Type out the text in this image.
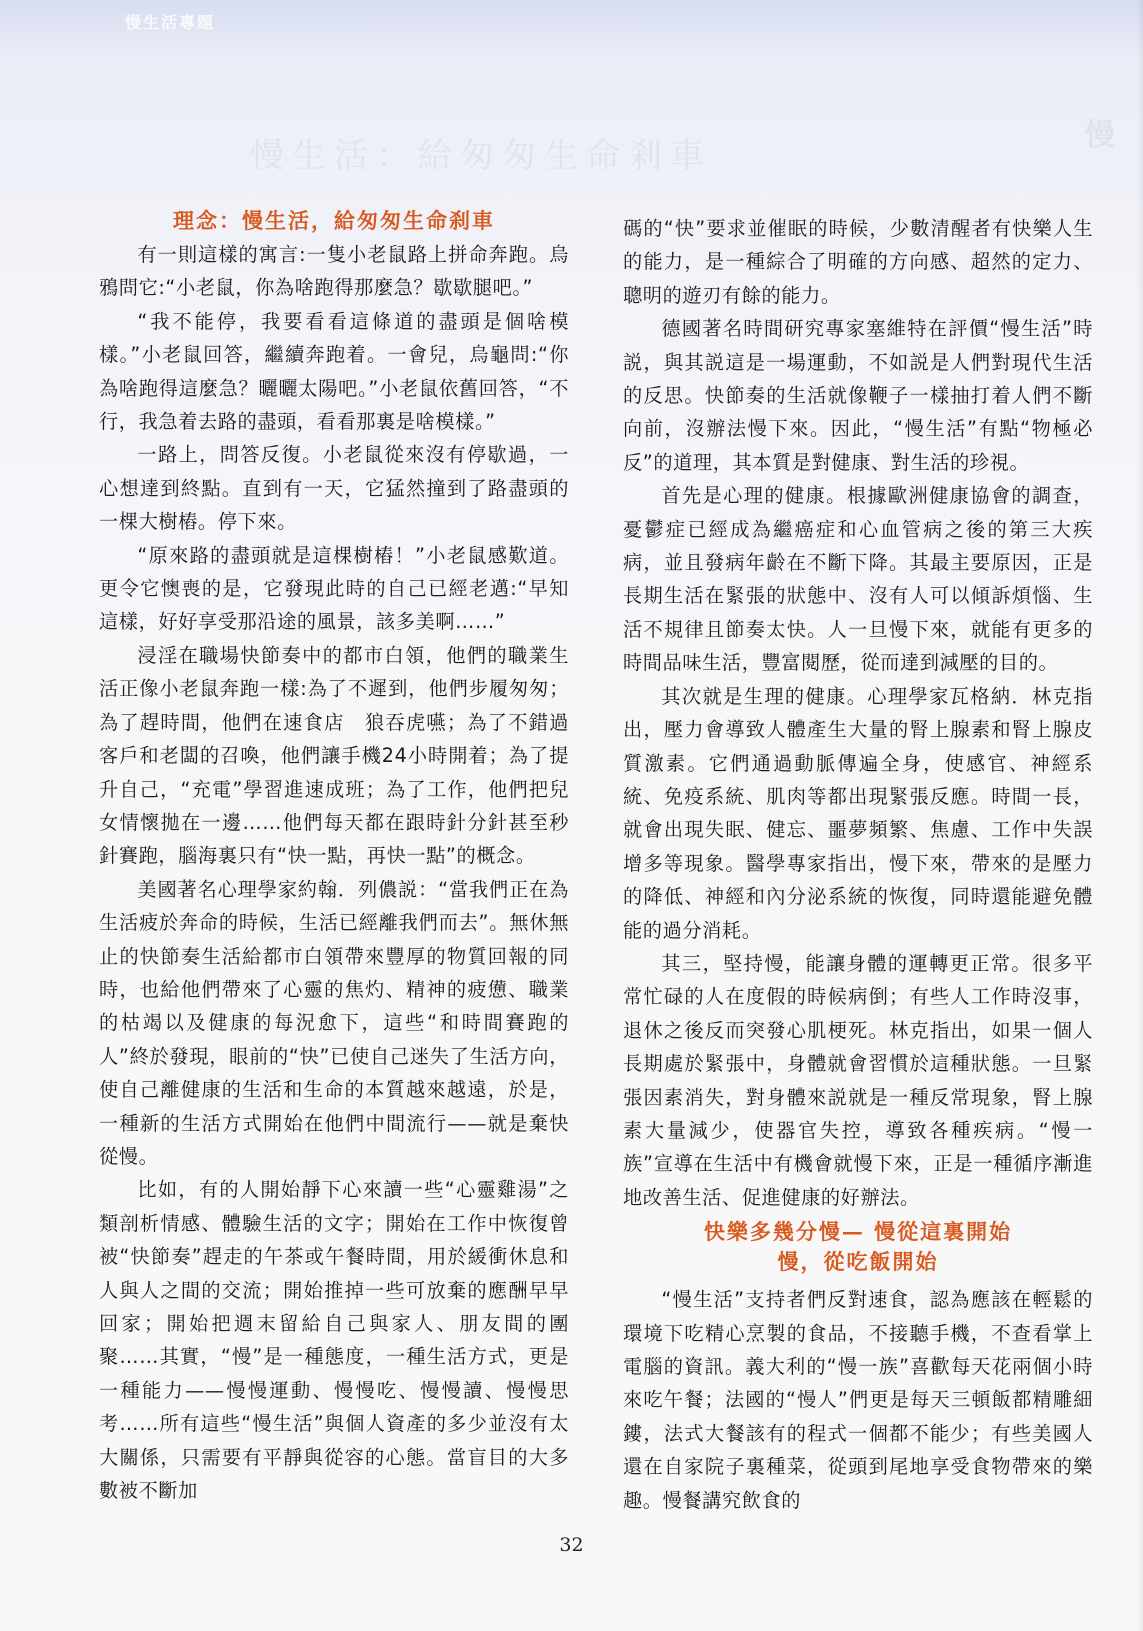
慢生活專題
慢生活：給匆匆生命剎車
慢
理念：慢生活，給匆匆生命刹車

有一則這樣的寓言:一隻小老鼠路上拼命奔跑。烏鴉問它:“小老鼠，你為啥跑得那麼急？歇歇腿吧。”

“我不能停，我要看看這條道的盡頭是個啥模樣。”小老鼠回答，繼續奔跑着。一會兒，烏龜問:“你為啥跑得這麼急？曬曬太陽吧。”小老鼠依舊回答，“不行，我急着去路的盡頭，看看那裏是啥模樣。”

一路上，問答反復。小老鼠從來沒有停歇過，一心想達到終點。直到有一天，它猛然撞到了路盡頭的一棵大樹樁。停下來。

“原來路的盡頭就是這棵樹樁！”小老鼠感歎道。更令它懊喪的是，它發現此時的自己已經老邁:“早知這樣，好好享受那沿途的風景，該多美啊……”

浸淫在職場快節奏中的都市白領，他們的職業生活正像小老鼠奔跑一樣:為了不遲到，他們步履匆匆；為了趕時間，他們在速食店　狼吞虎嚥；為了不錯過客戶和老闆的召喚，他們讓手機24小時開着；為了提升自己，“充電”學習進速成班；為了工作，他們把兒女情懷拋在一邊……他們每天都在跟時針分針甚至秒針賽跑，腦海裏只有“快一點，再快一點”的概念。

美國著名心理學家約翰．列儂説：“當我們正在為生活疲於奔命的時候，生活已經離我們而去”。無休無止的快節奏生活給都市白領帶來豐厚的物質回報的同時，也給他們帶來了心靈的焦灼、精神的疲憊、職業的枯竭以及健康的每況愈下，這些“和時間賽跑的人”終於發現，眼前的“快”已使自己迷失了生活方向，使自己離健康的生活和生命的本質越來越遠，於是，一種新的生活方式開始在他們中間流行——就是棄快從慢。

比如，有的人開始靜下心來讀一些“心靈雞湯”之類剖析情感、體驗生活的文字；開始在工作中恢復曾被“快節奏”趕走的午茶或午餐時間，用於緩衝休息和人與人之間的交流；開始推掉一些可放棄的應酬早早回家；開始把週末留給自己與家人、朋友間的團聚……其實，“慢”是一種態度，一種生活方式，更是一種能力——慢慢運動、慢慢吃、慢慢讀、慢慢思考……所有這些“慢生活”與個人資產的多少並沒有太大關係，只需要有平靜與從容的心態。當盲目的大多數被不斷加

碼的“快”要求並催眠的時候，少數清醒者有快樂人生的能力，是一種綜合了明確的方向感、超然的定力、聰明的遊刃有餘的能力。

德國著名時間研究專家塞維特在評價“慢生活”時説，與其説這是一場運動，不如説是人們對現代生活的反思。快節奏的生活就像鞭子一樣抽打着人們不斷向前，沒辦法慢下來。因此，“慢生活”有點“物極必反”的道理，其本質是對健康、對生活的珍視。

首先是心理的健康。根據歐洲健康協會的調查，憂鬱症已經成為繼癌症和心血管病之後的第三大疾病，並且發病年齡在不斷下降。其最主要原因，正是長期生活在緊張的狀態中、沒有人可以傾訴煩惱、生活不規律且節奏太快。人一旦慢下來，就能有更多的時間品味生活，豐富閱歷，從而達到減壓的目的。

其次就是生理的健康。心理學家瓦格納．林克指出，壓力會導致人體產生大量的腎上腺素和腎上腺皮質激素。它們通過動脈傳遍全身，使感官、神經系統、免疫系統、肌肉等都出現緊張反應。時間一長，就會出現失眠、健忘、噩夢頻繁、焦慮、工作中失誤增多等現象。醫學專家指出，慢下來，帶來的是壓力的降低、神經和內分泌系統的恢復，同時還能避免體能的過分消耗。

其三，堅持慢，能讓身體的運轉更正常。很多平常忙碌的人在度假的時候病倒；有些人工作時沒事，退休之後反而突發心肌梗死。林克指出，如果一個人長期處於緊張中，身體就會習慣於這種狀態。一旦緊張因素消失，對身體來説就是一種反常現象，腎上腺素大量減少，使器官失控，導致各種疾病。“慢一族”宣導在生活中有機會就慢下來，正是一種循序漸進地改善生活、促進健康的好辦法。

快樂多幾分慢— 慢從這裏開始
慢，從吃飯開始

“慢生活”支持者們反對速食，認為應該在輕鬆的環境下吃精心烹製的食品，不接聽手機，不查看掌上電腦的資訊。義大利的“慢一族”喜歡每天花兩個小時來吃午餐；法國的“慢人”們更是每天三頓飯都精雕細鏤，法式大餐該有的程式一個都不能少；有些美國人還在自家院子裏種菜，從頭到尾地享受食物帶來的樂趣。慢餐講究飲食的

32
